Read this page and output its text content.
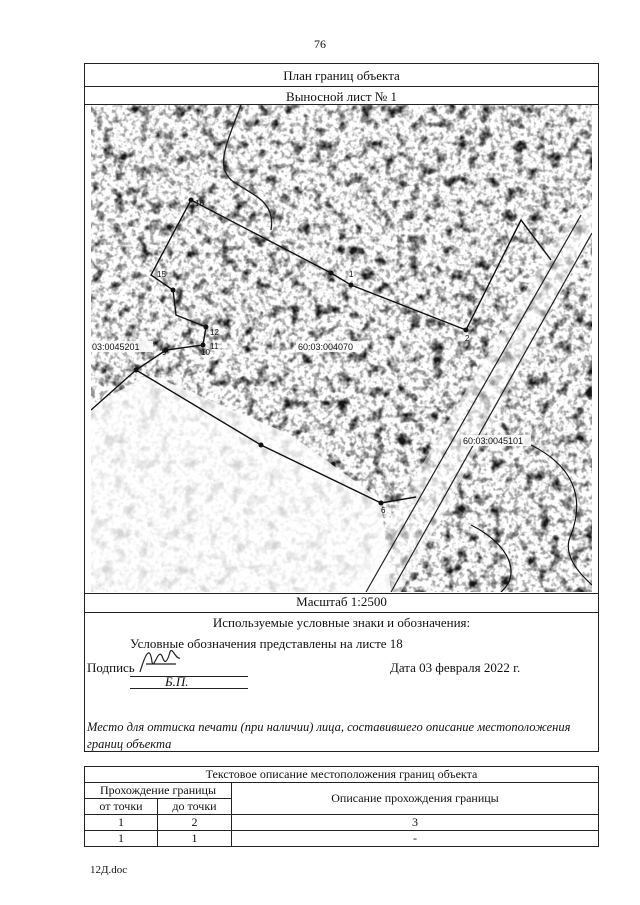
76
План границ объекта
Выносной лист № 1
16
15	1
2
12
11
10
9
6
60:03:004070
60:03:0045101
03:0045201
Масштаб 1:2500
Используемые условные знаки и обозначения:
Условные обозначения представлены на листе 18
Подпись
Б.П.
Дата 03 февраля 2022 г.
Место для оттиска печати (при наличии) лица, составившего описание местоположения границ объекта
Текстовое описание местоположения границ объекта		
Прохождение границы		Описание прохождения границы
от точки	до точки	
1	2	3
1	1	-
12Д.doc
